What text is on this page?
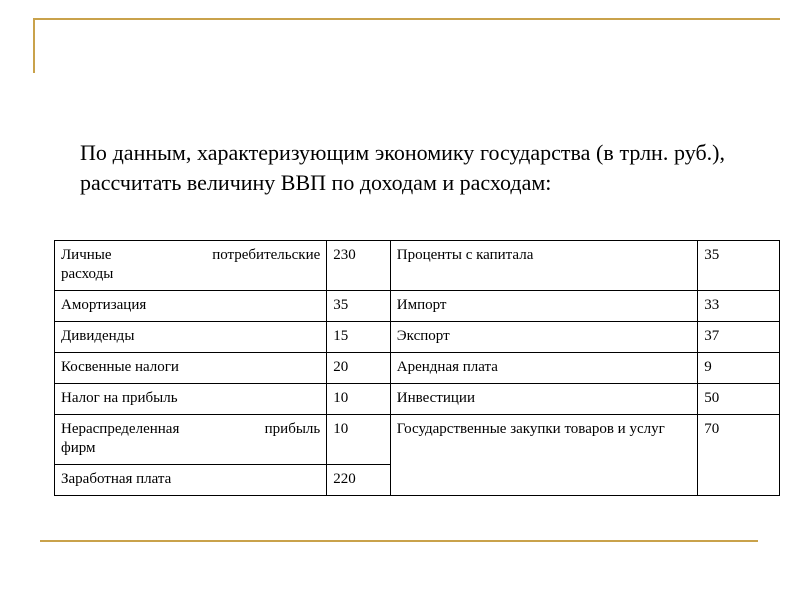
По данным, характеризующим экономику государства (в трлн. руб.), рассчитать величину ВВП по доходам и расходам:

Личные потребительские
расходы	230	Проценты с капитала	35
Амортизация	35	Импорт	33
Дивиденды	15	Экспорт	37
Косвенные налоги	20	Арендная плата	9
Налог на прибыль	10	Инвестиции	50

Нераспределенная прибыль
фирм	10	Государственные закупки товаров и услуг	70
Заработная плата	220		
